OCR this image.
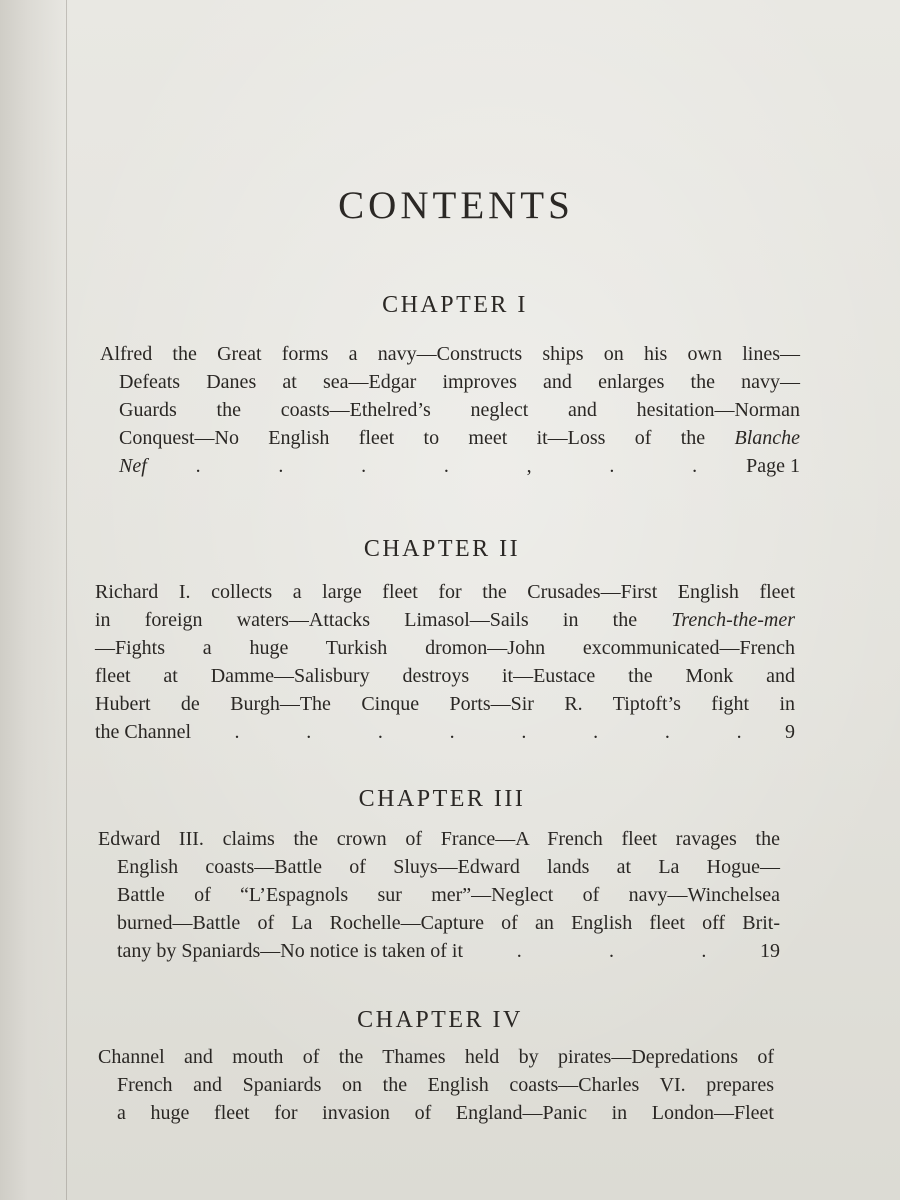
CONTENTS
CHAPTER I
Alfred the Great forms a navy—Constructs ships on his own lines—
Defeats Danes at sea—Edgar improves and enlarges the navy—
Guards the coasts—Ethelred’s neglect and hesitation—Norman
Conquest—No English fleet to meet it—Loss of the Blanche
Nef .	.	.	.	,	.	. Page 1
CHAPTER II
Richard I. collects a large fleet for the Crusades—First English fleet
in foreign waters—Attacks Limasol—Sails in the Trench-the-mer
—Fights a huge Turkish dromon—John excommunicated—French
fleet at Damme—Salisbury destroys it—Eustace the Monk and
Hubert de Burgh—The Cinque Ports—Sir R. Tiptoft’s fight in
the Channel .	.	.	.	.	.	.	. 9
CHAPTER III
Edward III. claims the crown of France—A French fleet ravages the
English coasts—Battle of Sluys—Edward lands at La Hogue—
Battle of “L’Espagnols sur mer”—Neglect of navy—Winchelsea
burned—Battle of La Rochelle—Capture of an English fleet off Brit-
tany by Spaniards—No notice is taken of it	.	.	.	19
CHAPTER IV
Channel and mouth of the Thames held by pirates—Depredations of
French and Spaniards on the English coasts—Charles VI. prepares
a huge fleet for invasion of England—Panic in London—Fleet
